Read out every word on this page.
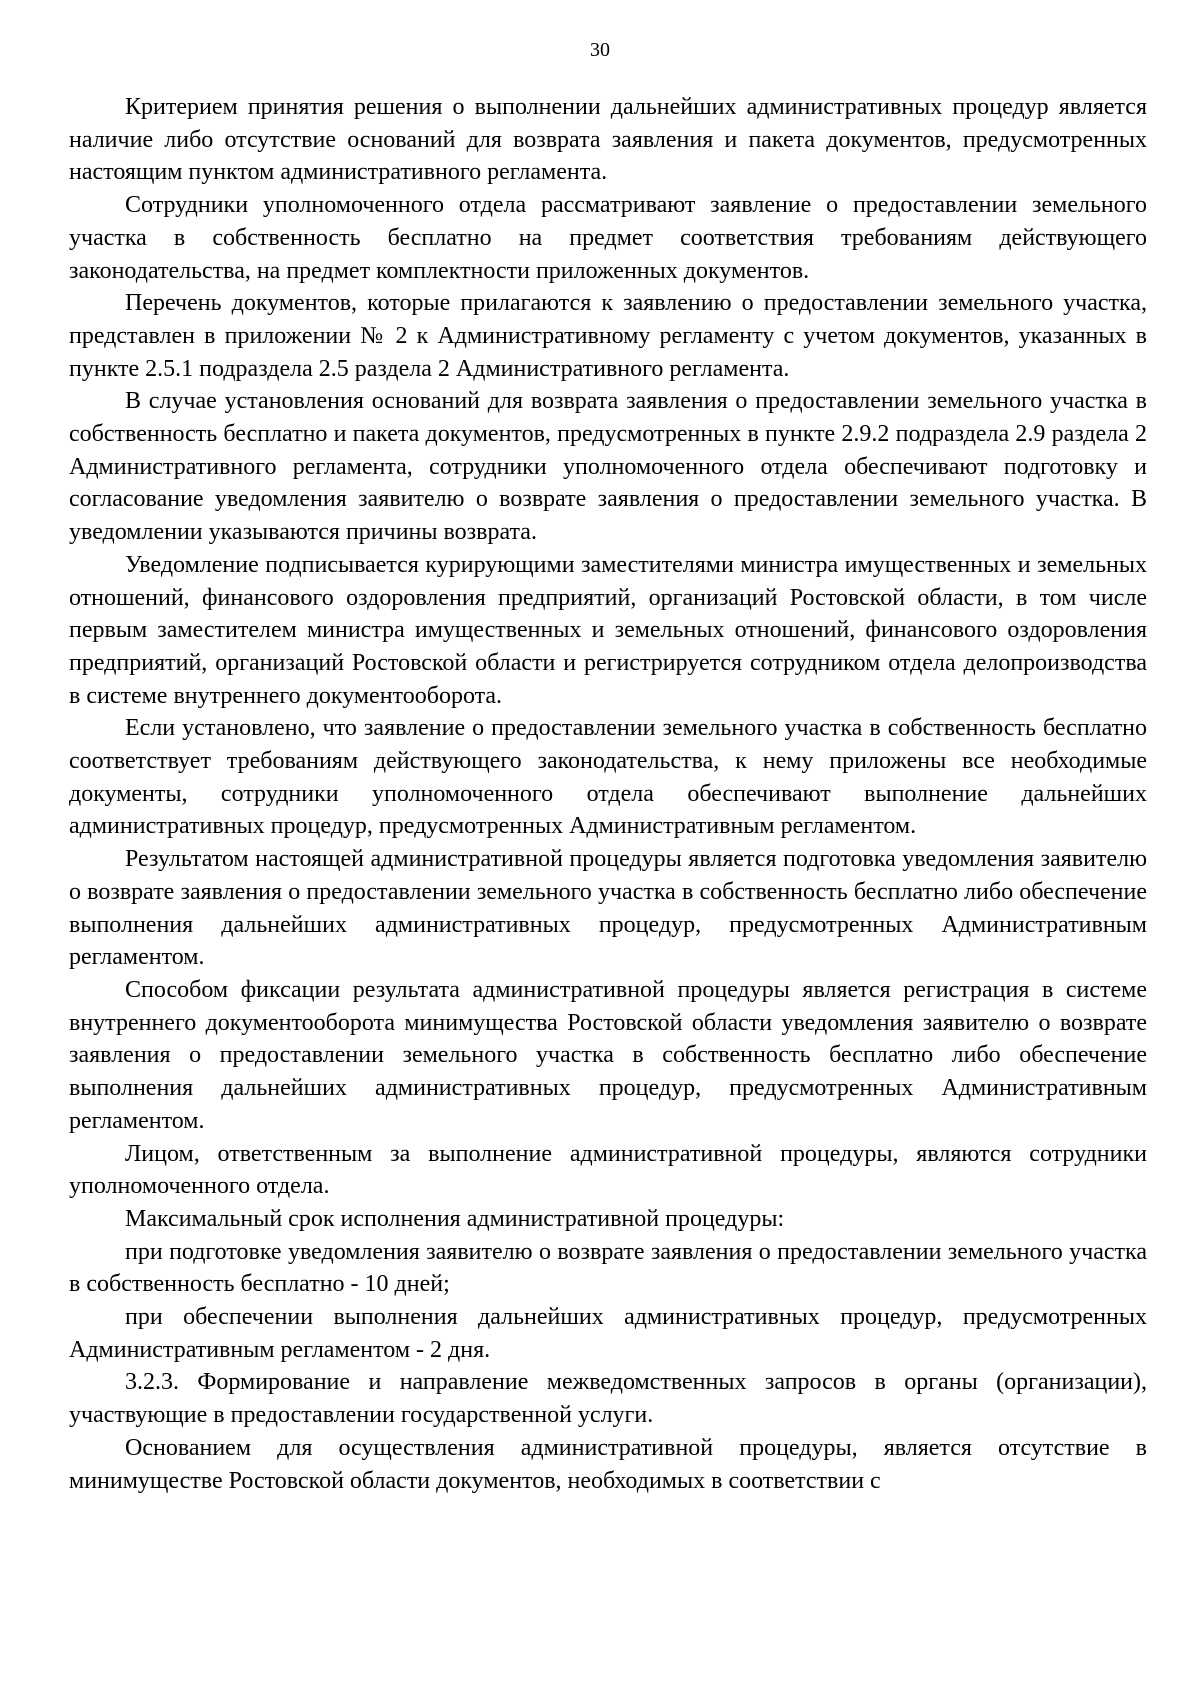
30

Критерием принятия решения о выполнении дальнейших административных процедур является наличие либо отсутствие оснований для возврата заявления и пакета документов, предусмотренных настоящим пунктом административного регламента.

Сотрудники уполномоченного отдела рассматривают заявление о предоставлении земельного участка в собственность бесплатно на предмет соответствия требованиям действующего законодательства, на предмет комплектности приложенных документов.

Перечень документов, которые прилагаются к заявлению о предоставлении земельного участка, представлен в приложении № 2 к Административному регламенту с учетом документов, указанных в пункте 2.5.1 подраздела 2.5 раздела 2 Административного регламента.

В случае установления оснований для возврата заявления о предоставлении земельного участка в собственность бесплатно и пакета документов, предусмотренных в пункте 2.9.2 подраздела 2.9 раздела 2 Административного регламента, сотрудники уполномоченного отдела обеспечивают подготовку и согласование уведомления заявителю о возврате заявления о предоставлении земельного участка. В уведомлении указываются причины возврата.

Уведомление подписывается курирующими заместителями министра имущественных и земельных отношений, финансового оздоровления предприятий, организаций Ростовской области, в том числе первым заместителем министра имущественных и земельных отношений, финансового оздоровления предприятий, организаций Ростовской области и регистрируется сотрудником отдела делопроизводства в системе внутреннего документооборота.

Если установлено, что заявление о предоставлении земельного участка в собственность бесплатно соответствует требованиям действующего законодательства, к нему приложены все необходимые документы, сотрудники уполномоченного отдела обеспечивают выполнение дальнейших административных процедур, предусмотренных Административным регламентом.

Результатом настоящей административной процедуры является подготовка уведомления заявителю о возврате заявления о предоставлении земельного участка в собственность бесплатно либо обеспечение выполнения дальнейших административных процедур, предусмотренных Административным регламентом.

Способом фиксации результата административной процедуры является регистрация в системе внутреннего документооборота минимущества Ростовской области уведомления заявителю о возврате заявления о предоставлении земельного участка в собственность бесплатно либо обеспечение выполнения дальнейших административных процедур, предусмотренных Административным регламентом.

Лицом, ответственным за выполнение административной процедуры, являются сотрудники уполномоченного отдела.

Максимальный срок исполнения административной процедуры:

при подготовке уведомления заявителю о возврате заявления о предоставлении земельного участка в собственность бесплатно - 10 дней;

при обеспечении выполнения дальнейших административных процедур, предусмотренных Административным регламентом - 2 дня.

3.2.3. Формирование и направление межведомственных запросов в органы (организации), участвующие в предоставлении государственной услуги.

Основанием для осуществления административной процедуры, является отсутствие в минимуществе Ростовской области документов, необходимых в соответствии с
